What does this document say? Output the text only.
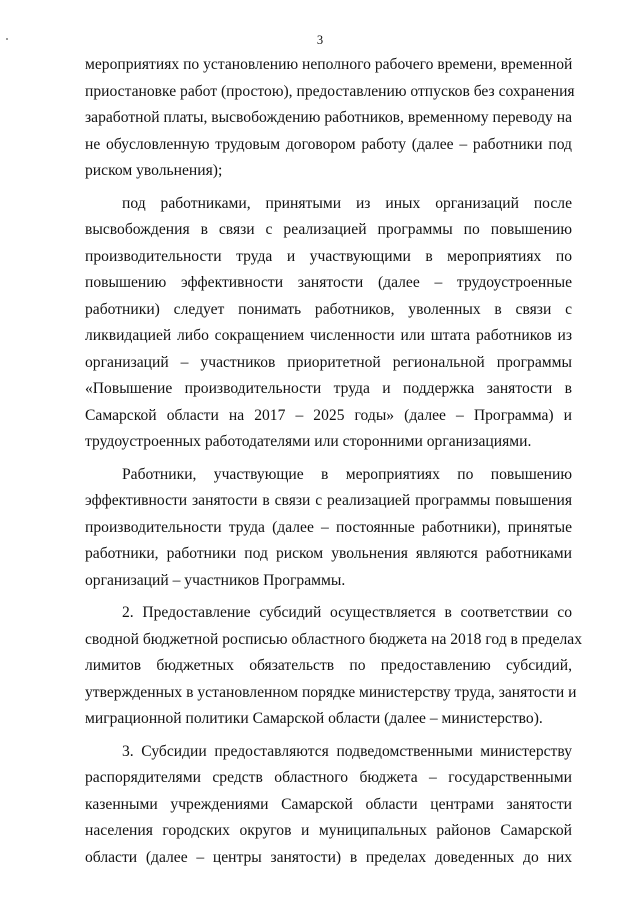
3
мероприятиях по установлению неполного рабочего времени, временной
приостановке работ (простою), предоставлению отпусков без сохранения
заработной платы, высвобождению работников, временному переводу на
не обусловленную трудовым договором работу (далее – работники под
риском увольнения);
под работниками, принятыми из иных организаций после
высвобождения в связи с реализацией программы по повышению
производительности труда и участвующими в мероприятиях по
повышению эффективности занятости (далее – трудоустроенные
работники) следует понимать работников, уволенных в связи с
ликвидацией либо сокращением численности или штата работников из
организаций – участников приоритетной региональной программы
«Повышение производительности труда и поддержка занятости в
Самарской области на 2017 – 2025 годы» (далее – Программа) и
трудоустроенных работодателями или сторонними организациями.
Работники, участвующие в мероприятиях по повышению
эффективности занятости в связи с реализацией программы повышения
производительности труда (далее – постоянные работники), принятые
работники, работники под риском увольнения являются работниками
организаций – участников Программы.
2. Предоставление субсидий осуществляется в соответствии со
сводной бюджетной росписью областного бюджета на 2018 год в пределах
лимитов бюджетных обязательств по предоставлению субсидий,
утвержденных в установленном порядке министерству труда, занятости и
миграционной политики Самарской области (далее – министерство).
3. Субсидии предоставляются подведомственными министерству
распорядителями средств областного бюджета – государственными
казенными учреждениями Самарской области центрами занятости
населения городских округов и муниципальных районов Самарской
области (далее – центры занятости) в пределах доведенных до них
